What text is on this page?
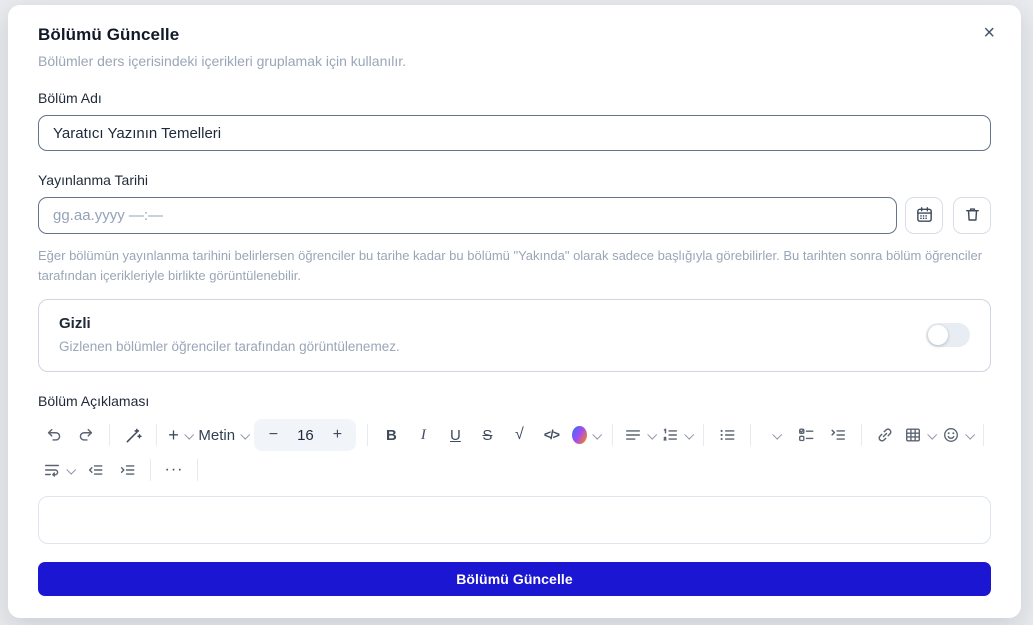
×
Bölümü Güncelle
Bölümler ders içerisindeki içerikleri gruplamak için kullanılır.
Bölüm Adı
Yaratıcı Yazının Temelleri
Yayınlanma Tarihi
gg.aa.yyyy —:—
Eğer bölümün yayınlanma tarihini belirlersen öğrenciler bu tarihe kadar bu bölümü "Yakında" olarak sadece başlığıyla görebilirler. Bu tarihten sonra bölüm öğrenciler tarafından içerikleriyle birlikte görüntülenebilir.
Gizli
Gizlenen bölümler öğrenciler tarafından görüntülenemez.
Bölüm Açıklaması
+ Metin	−	16	+	B I U S √ </>
···
Bölümü Güncelle
